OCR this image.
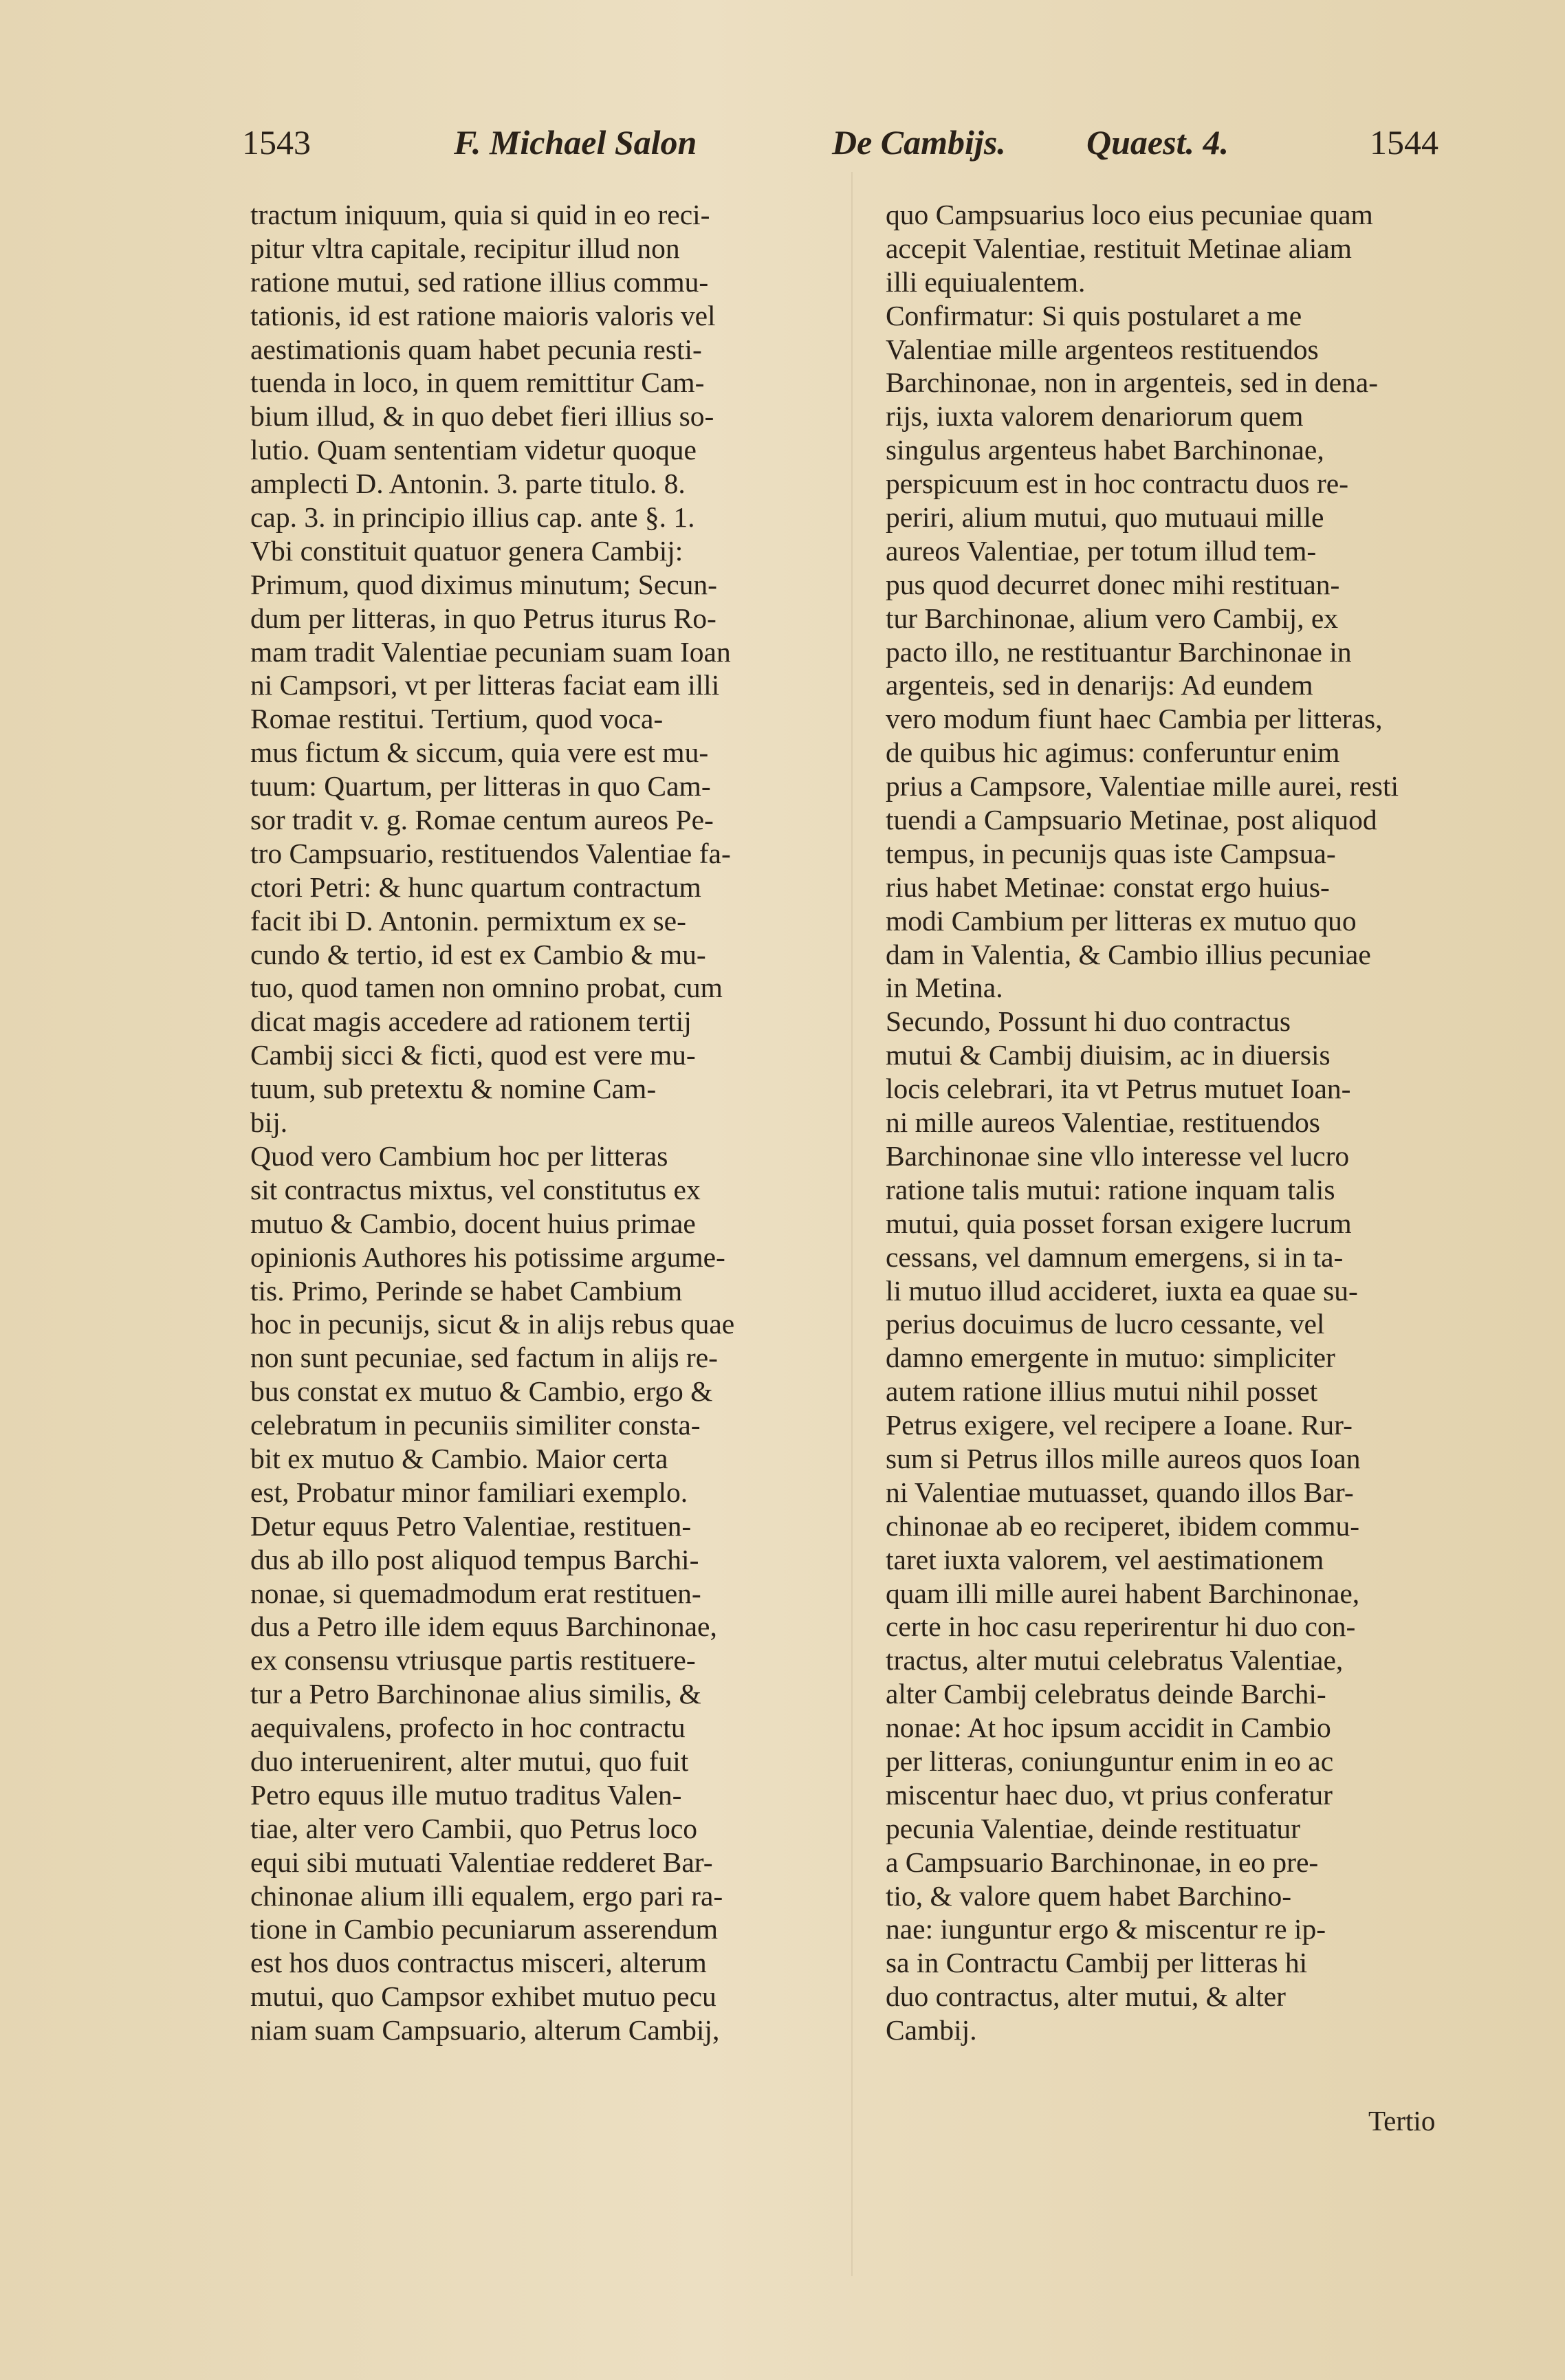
1543	F. Michael Salon	De Cambijs. Quaest. 4.	1544
tractum iniquum, quia si quid in eo reci-
pitur vltra capitale, recipitur illud non
ratione mutui, sed ratione illius commu-
tationis, id est ratione maioris valoris vel
aestimationis quam habet pecunia resti-
tuenda in loco, in quem remittitur Cam-
bium illud, & in quo debet fieri illius so-
lutio. Quam sententiam videtur quoque
amplecti D. Antonin. 3. parte titulo. 8.
cap. 3. in principio illius cap. ante §. 1.
Vbi constituit quatuor genera Cambij:
Primum, quod diximus minutum; Secun-
dum per litteras, in quo Petrus iturus Ro-
mam tradit Valentiae pecuniam suam Ioan
ni Campsori, vt per litteras faciat eam illi
Romae restitui. Tertium, quod voca-
mus fictum & siccum, quia vere est mu-
tuum: Quartum, per litteras in quo Cam-
sor tradit v. g. Romae centum aureos Pe-
tro Campsuario, restituendos Valentiae fa-
ctori Petri: & hunc quartum contractum
facit ibi D. Antonin. permixtum ex se-
cundo & tertio, id est ex Cambio & mu-
tuo, quod tamen non omnino probat, cum
dicat magis accedere ad rationem tertij
Cambij sicci & ficti, quod est vere mu-
tuum, sub pretextu & nomine Cam-
bij.
Quod vero Cambium hoc per litteras
sit contractus mixtus, vel constitutus ex
mutuo & Cambio, docent huius primae
opinionis Authores his potissime argume-
tis. Primo, Perinde se habet Cambium
hoc in pecunijs, sicut & in alijs rebus quae
non sunt pecuniae, sed factum in alijs re-
bus constat ex mutuo & Cambio, ergo &
celebratum in pecuniis similiter consta-
bit ex mutuo & Cambio. Maior certa
est, Probatur minor familiari exemplo.
Detur equus Petro Valentiae, restituen-
dus ab illo post aliquod tempus Barchi-
nonae, si quemadmodum erat restituen-
dus a Petro ille idem equus Barchinonae,
ex consensu vtriusque partis restituere-
tur a Petro Barchinonae alius similis, &
aequivalens, profecto in hoc contractu
duo interuenirent, alter mutui, quo fuit
Petro equus ille mutuo traditus Valen-
tiae, alter vero Cambii, quo Petrus loco
equi sibi mutuati Valentiae redderet Bar-
chinonae alium illi equalem, ergo pari ra-
tione in Cambio pecuniarum asserendum
est hos duos contractus misceri, alterum
mutui, quo Campsor exhibet mutuo pecu
niam suam Campsuario, alterum Cambij,
quo Campsuarius loco eius pecuniae quam
accepit Valentiae, restituit Metinae aliam
illi equiualentem.
Confirmatur: Si quis postularet a me
Valentiae mille argenteos restituendos
Barchinonae, non in argenteis, sed in dena-
rijs, iuxta valorem denariorum quem
singulus argenteus habet Barchinonae,
perspicuum est in hoc contractu duos re-
periri, alium mutui, quo mutuaui mille
aureos Valentiae, per totum illud tem-
pus quod decurret donec mihi restituan-
tur Barchinonae, alium vero Cambij, ex
pacto illo, ne restituantur Barchinonae in
argenteis, sed in denarijs: Ad eundem
vero modum fiunt haec Cambia per litteras,
de quibus hic agimus: conferuntur enim
prius a Campsore, Valentiae mille aurei, resti
tuendi a Campsuario Metinae, post aliquod
tempus, in pecunijs quas iste Campsua-
rius habet Metinae: constat ergo huius-
modi Cambium per litteras ex mutuo quo
dam in Valentia, & Cambio illius pecuniae
in Metina.
Secundo, Possunt hi duo contractus
mutui & Cambij diuisim, ac in diuersis
locis celebrari, ita vt Petrus mutuet Ioan-
ni mille aureos Valentiae, restituendos
Barchinonae sine vllo interesse vel lucro
ratione talis mutui: ratione inquam talis
mutui, quia posset forsan exigere lucrum
cessans, vel damnum emergens, si in ta-
li mutuo illud accideret, iuxta ea quae su-
perius docuimus de lucro cessante, vel
damno emergente in mutuo: simpliciter
autem ratione illius mutui nihil posset
Petrus exigere, vel recipere a Ioane. Rur-
sum si Petrus illos mille aureos quos Ioan
ni Valentiae mutuasset, quando illos Bar-
chinonae ab eo reciperet, ibidem commu-
taret iuxta valorem, vel aestimationem
quam illi mille aurei habent Barchinonae,
certe in hoc casu reperirentur hi duo con-
tractus, alter mutui celebratus Valentiae,
alter Cambij celebratus deinde Barchi-
nonae: At hoc ipsum accidit in Cambio
per litteras, coniunguntur enim in eo ac
miscentur haec duo, vt prius conferatur
pecunia Valentiae, deinde restituatur
a Campsuario Barchinonae, in eo pre-
tio, & valore quem habet Barchino-
nae: iunguntur ergo & miscentur re ip-
sa in Contractu Cambij per litteras hi
duo contractus, alter mutui, & alter
Cambij.
Tertio
